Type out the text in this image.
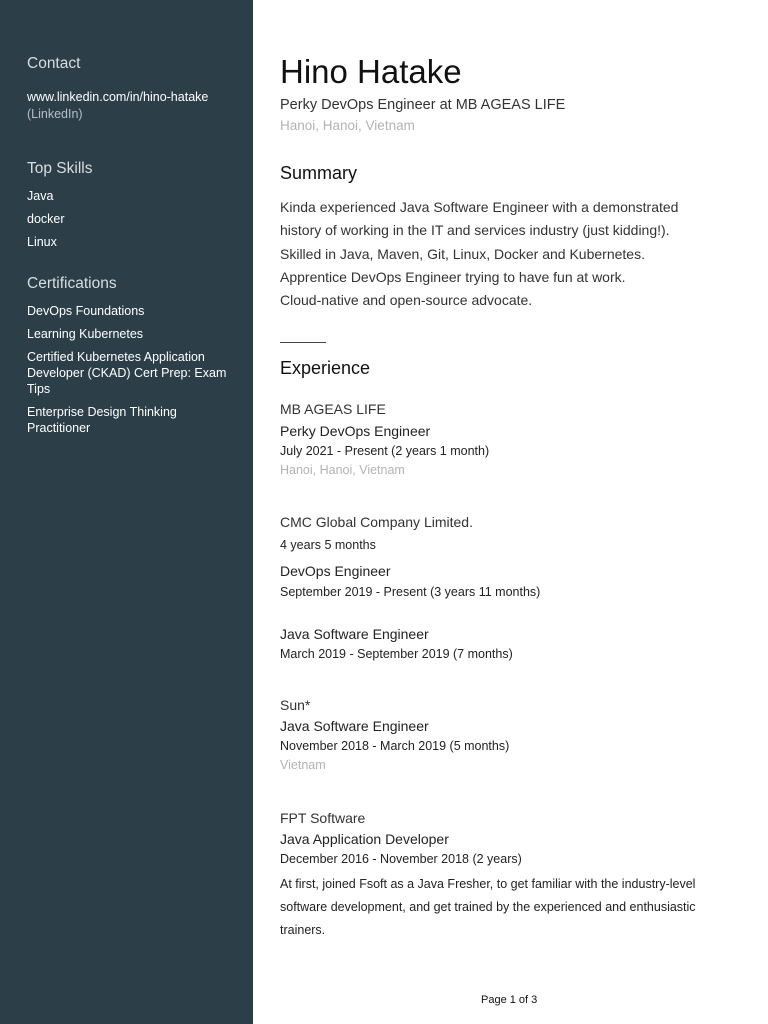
Contact
www.linkedin.com/in/hino-hatake
(LinkedIn)
Top Skills
Java
docker
Linux
Certifications
DevOps Foundations
Learning Kubernetes
Certified Kubernetes Application Developer (CKAD) Cert Prep: Exam Tips
Enterprise Design Thinking Practitioner
Hino Hatake
Perky DevOps Engineer at MB AGEAS LIFE
Hanoi, Hanoi, Vietnam
Summary
Kinda experienced Java Software Engineer with a demonstrated
history of working in the IT and services industry (just kidding!).
Skilled in Java, Maven, Git, Linux, Docker and Kubernetes.
Apprentice DevOps Engineer trying to have fun at work.
Cloud-native and open-source advocate.
Experience
MB AGEAS LIFE
Perky DevOps Engineer
July 2021 - Present (2 years 1 month)
Hanoi, Hanoi, Vietnam
CMC Global Company Limited.
4 years 5 months
DevOps Engineer
September 2019 - Present (3 years 11 months)
Java Software Engineer
March 2019 - September 2019 (7 months)
Sun*
Java Software Engineer
November 2018 - March 2019 (5 months)
Vietnam
FPT Software
Java Application Developer
December 2016 - November 2018 (2 years)
At first, joined Fsoft as a Java Fresher, to get familiar with the industry-level
software development, and get trained by the experienced and enthusiastic
trainers.
Page 1 of 3
